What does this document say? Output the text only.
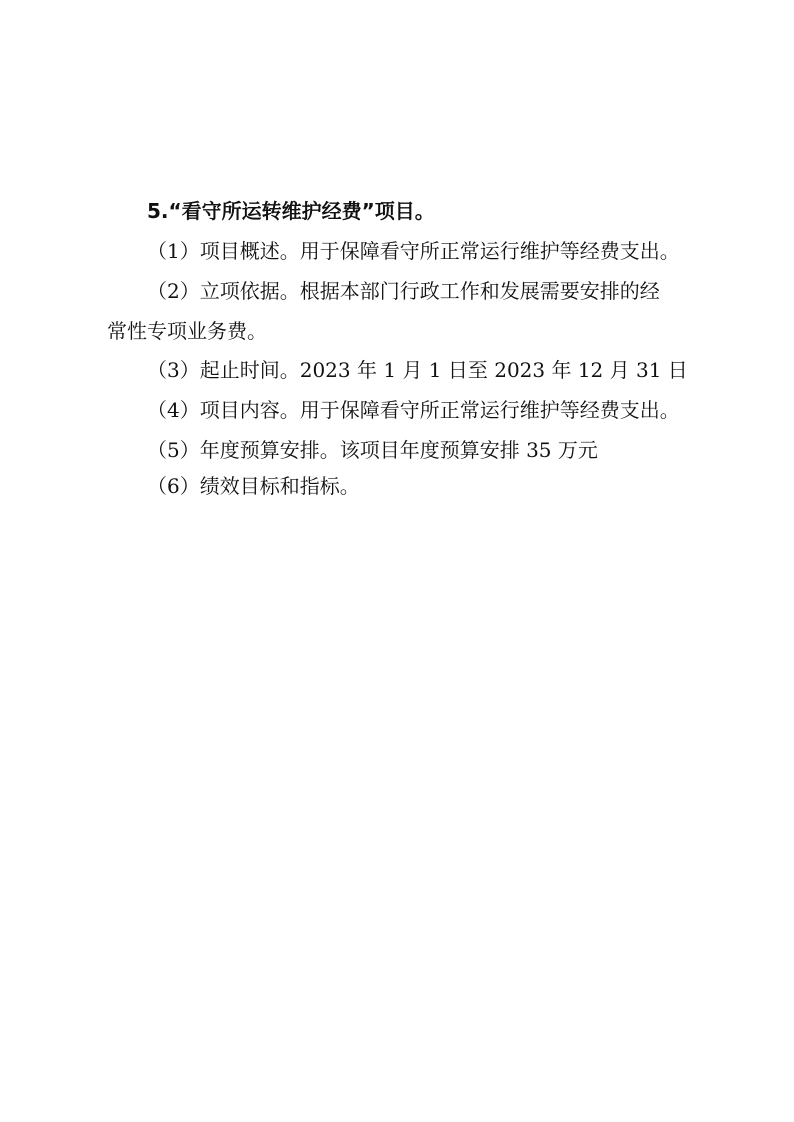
5.“看守所运转维护经费”项目。
（1）项目概述。用于保障看守所正常运行维护等经费支出。
（2）立项依据。根据本部门行政工作和发展需要安排的经
常性专项业务费。
（3）起止时间。2023 年 1 月 1 日至 2023 年 12 月 31 日
（4）项目内容。用于保障看守所正常运行维护等经费支出。
（5）年度预算安排。该项目年度预算安排 35 万元
（6）绩效目标和指标。
